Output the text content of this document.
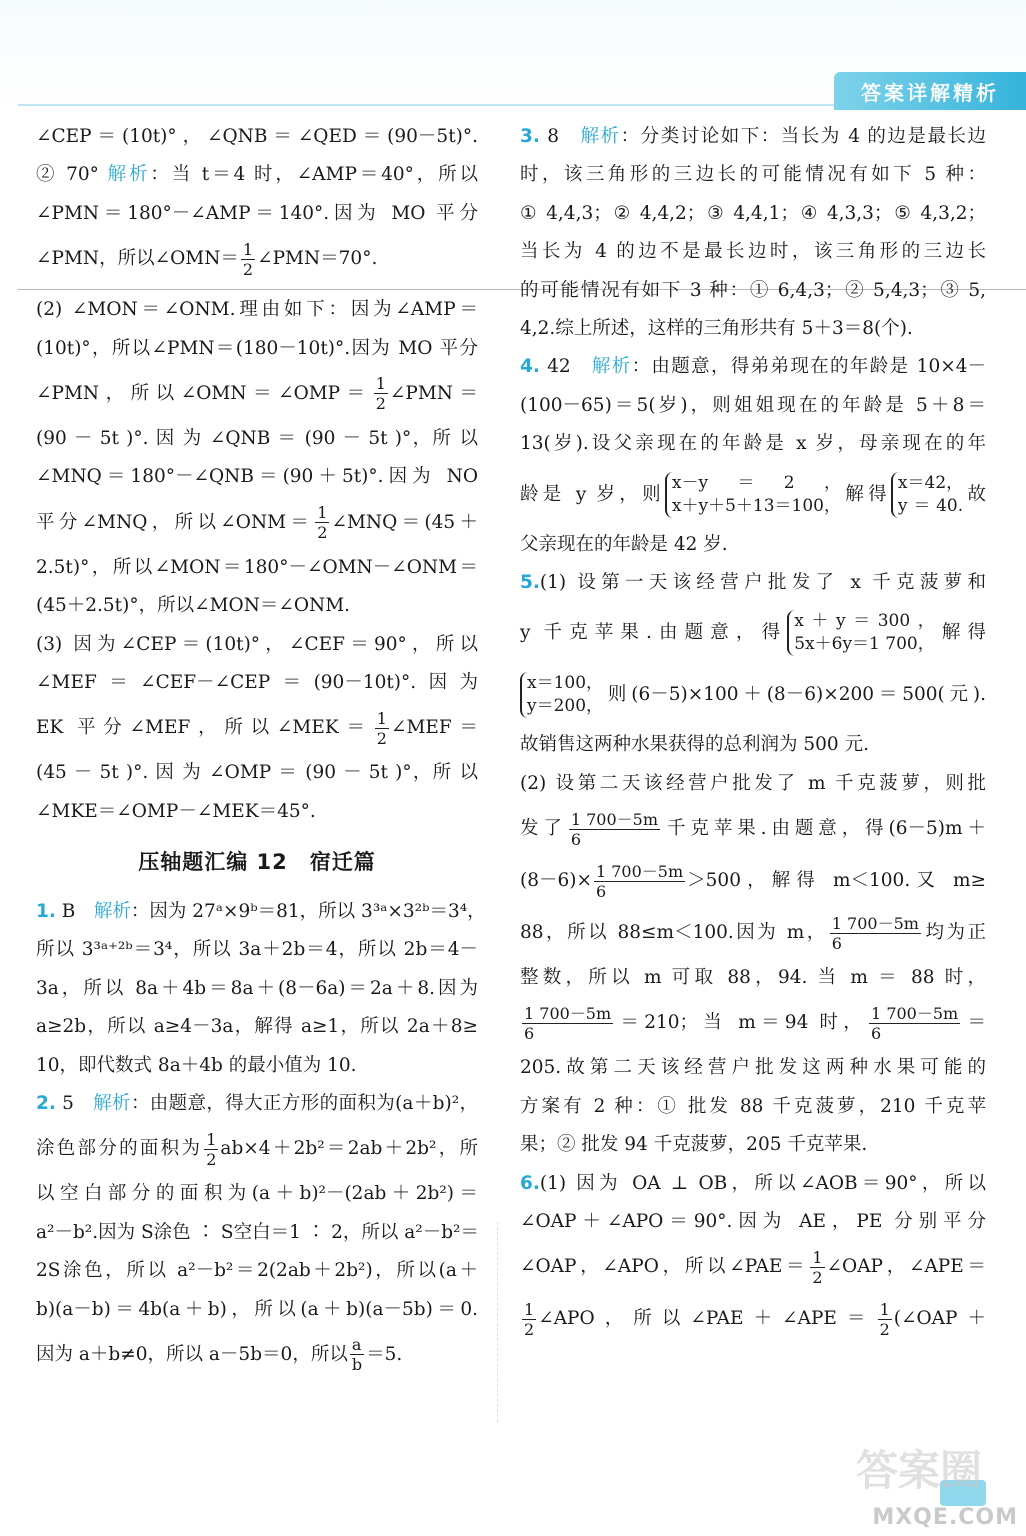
答案详解精析
∠CEP＝(10t)°，∠QNB＝∠QED＝(90－5t)°.
② 70° 解析：当 t＝4 时，∠AMP＝40°，所以
∠PMN＝180°－∠AMP＝140°.因为 MO 平分
∠PMN，所以∠OMN＝ $\frac{1}{2}$ ∠PMN＝70°.
(2) ∠MON＝∠ONM.理由如下：因为∠AMP＝
(10t)°，所以∠PMN＝(180－10t)°.因为 MO 平分
∠PMN，所以∠OMN＝∠OMP＝ $\frac{1}{2}$ ∠PMN＝
(90 － 5t )°. 因 为 ∠QNB ＝ (90 － 5t )°，所 以
∠MNQ＝180°－∠QNB＝(90＋5t)°.因为 NO
平分∠MNQ，所以∠ONM＝ $\frac{1}{2}$ ∠MNQ＝(45＋
2.5t)°，所以∠MON＝180°－∠OMN－∠ONM＝
(45＋2.5t)°，所以∠MON＝∠ONM.
(3) 因为∠CEP＝(10t)°，∠CEF＝90°，所以
∠MEF＝∠CEF－∠CEP＝(90－10t)°.因为
EK 平分∠MEF，所以∠MEK＝ $\frac{1}{2}$ ∠MEF＝
(45 － 5t )°. 因 为 ∠OMP ＝ (90 － 5t )°，所 以
∠MKE＝∠OMP－∠MEK＝45°.
压轴题汇编 12　宿迁篇
1. B　解析：因为 27ᵃ×9ᵇ＝81，所以 3³ᵃ×3²ᵇ＝3⁴，
所以 3³ᵃ⁺²ᵇ＝3⁴，所以 3a＋2b＝4，所以 2b＝4－
3a，所以 8a＋4b＝8a＋(8－6a)＝2a＋8.因为
a≥2b，所以 a≥4－3a，解得 a≥1，所以 2a＋8≥
10，即代数式 8a＋4b 的最小值为 10.
2. 5　解析：由题意，得大正方形的面积为(a＋b)²，
涂色部分的面积为 $\frac{1}{2} ab\times 4+2b^2=2ab+2b^2$，所
以空白部分的面积为(a＋b)²－(2ab＋2b²)＝
a²－b².因为 S涂色 ∶ S空白＝1 ∶ 2，所以 a²－b²＝
2S涂色，所以 a²－b²＝2(2ab＋2b²)，所以(a＋
b)(a－b)＝4b(a＋b)，所以(a＋b)(a－5b)＝0.
因为 a＋b≠0，所以 a－5b＝0，所以 $\frac{a}{b} =5$.
3. 8　解析：分类讨论如下：当长为 4 的边是最长边
时，该三角形的三边长的可能情况有如下 5 种：
① 4,4,3；② 4,4,2；③ 4,4,1；④ 4,3,3；⑤ 4,3,2；
当长为 4 的边不是最长边时，该三角形的三边长
的可能情况有如下 3 种：① 6,4,3；② 5,4,3；③ 5,
4,2.综上所述，这样的三角形共有 5＋3＝8(个).
4. 42　解析：由题意，得弟弟现在的年龄是 10×4－
(100－65)＝5(岁)，则姐姐现在的年龄是 5＋8＝
13(岁).设父亲现在的年龄是 x 岁，母亲现在的年
龄是 y 岁，则
x－y＝2，
x＋y＋5＋13＝100，
解得
x＝42，
y＝40.
故
父亲现在的年龄是 42 岁.
5.(1) 设第一天该经营户批发了 x 千克菠萝和
y 千克苹果.由题意，得
x＋y＝300，
5x＋6y＝1 700，
解得
x＝100，
y＝200，
则(6－5)×100＋(8－6)×200＝500(元).
故销售这两种水果获得的总利润为 500 元.
(2) 设第二天该经营户批发了 m 千克菠萝，则批
发了 $\frac{1 700-5m}{6}$ 千克苹果.由题意，得(6－5)m＋
$(8-6)\times \frac{1 700-5m}{6} >500$，解得 m＜100.又 m≥
88，所以 88≤m＜100.因为 m， $\frac{1 700-5m}{6}$ 均为正
整数，所以 m 可取 88，94. 当 m ＝ 88 时，
$\frac{1 700-5m}{6} =210$；当 m＝94 时， $\frac{1 700-5m}{6}$ ＝
205.故第二天该经营户批发这两种水果可能的
方案有 2 种：① 批发 88 千克菠萝，210 千克苹
果；② 批发 94 千克菠萝，205 千克苹果.
6.(1) 因为 OA ⊥ OB，所以∠AOB＝90°，所以
∠OAP＋∠APO＝90°.因为 AE，PE 分别平分
∠OAP，∠APO，所以∠PAE＝ $\frac{1}{2}$ ∠OAP，∠APE＝
$\frac{1}{2}$ ∠APO，所以∠PAE＋∠APE＝ $\frac{1}{2}$ (∠OAP＋
答案圈
MXQE.COM
